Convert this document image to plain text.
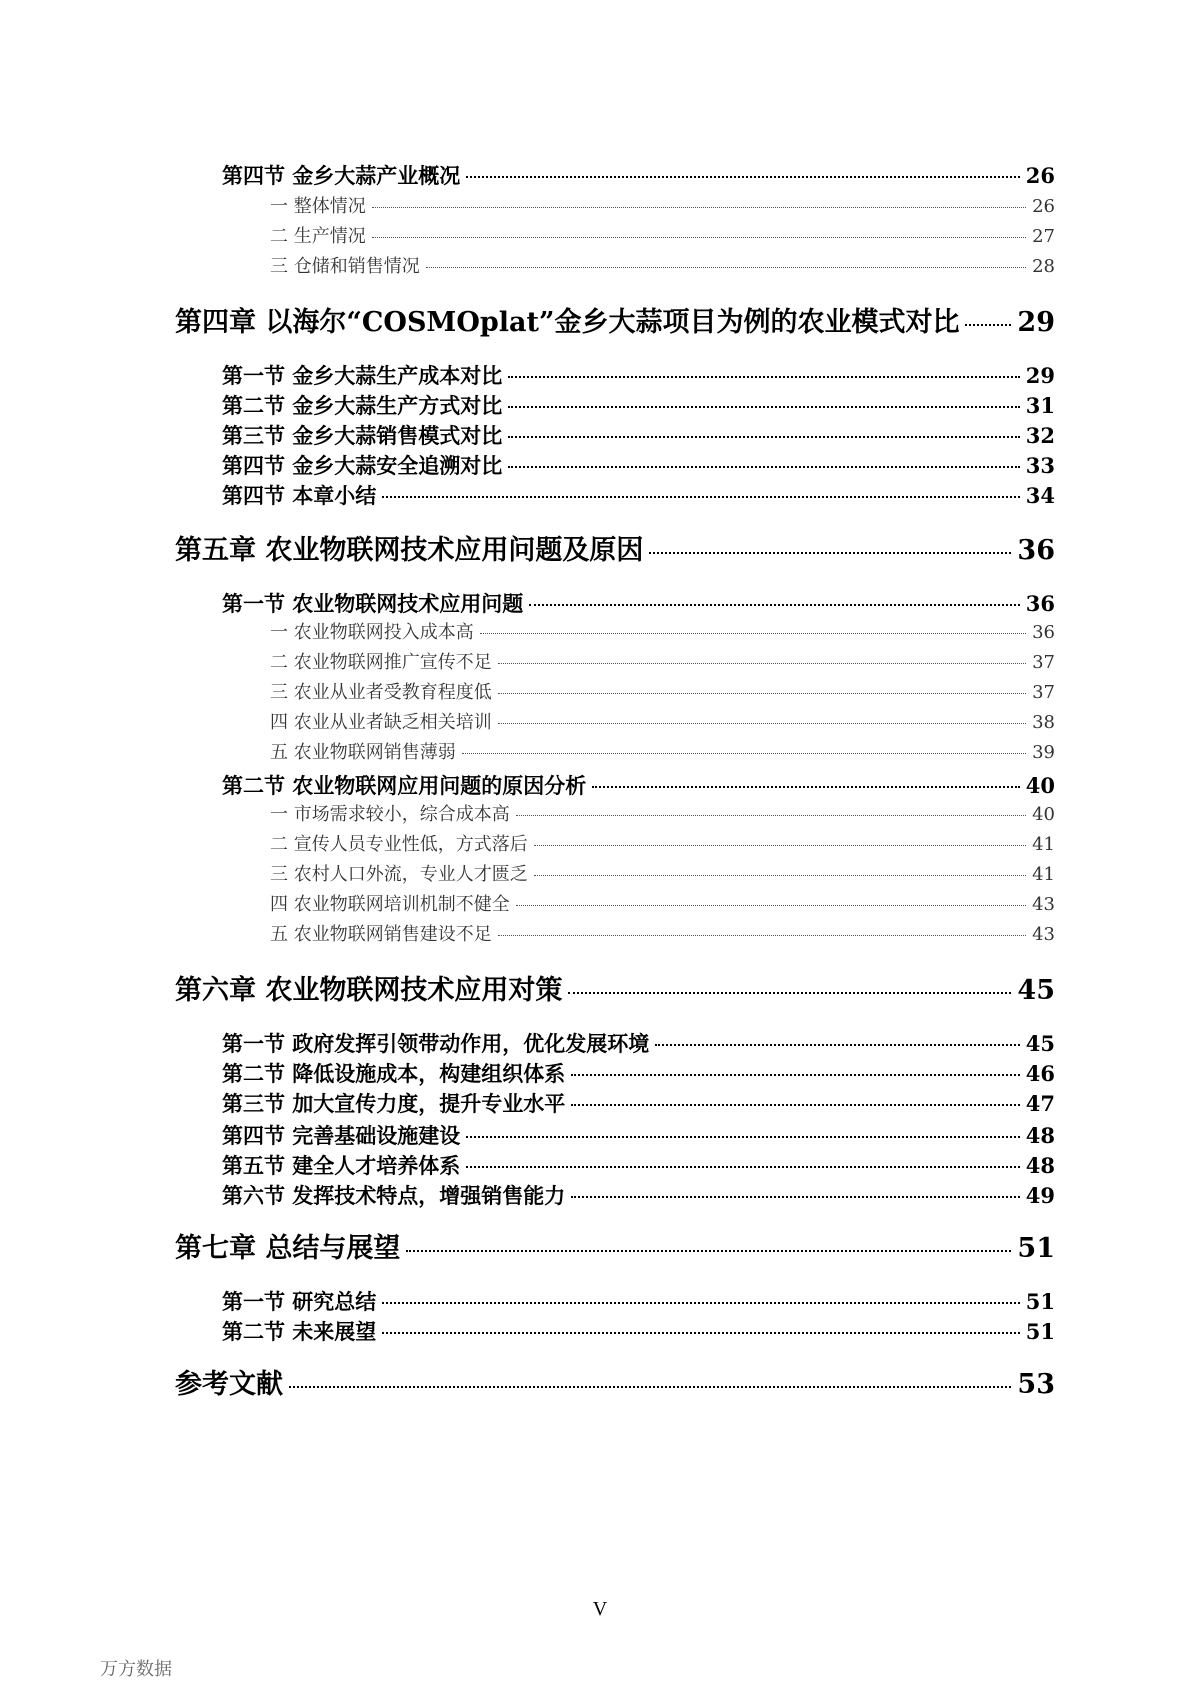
第四节 金乡大蒜产业概况	26
一 整体情况	26
二 生产情况	27
三 仓储和销售情况	28
第四章 以海尔“COSMOplat”金乡大蒜项目为例的农业模式对比 29
第一节 金乡大蒜生产成本对比	29
第二节 金乡大蒜生产方式对比	31
第三节 金乡大蒜销售模式对比	32
第四节 金乡大蒜安全追溯对比	33
第四节 本章小结	34
第五章 农业物联网技术应用问题及原因	36
第一节 农业物联网技术应用问题	36
一 农业物联网投入成本高	36
二 农业物联网推广宣传不足	37
三 农业从业者受教育程度低	37
四 农业从业者缺乏相关培训	38
五 农业物联网销售薄弱	39
第二节 农业物联网应用问题的原因分析	40
一 市场需求较小，综合成本高	40
二 宣传人员专业性低，方式落后	41
三 农村人口外流，专业人才匮乏	41
四 农业物联网培训机制不健全	43
五 农业物联网销售建设不足	43
第六章 农业物联网技术应用对策	45
第一节 政府发挥引领带动作用，优化发展环境	45
第二节 降低设施成本，构建组织体系	46
第三节 加大宣传力度，提升专业水平	47
第四节 完善基础设施建设	48
第五节 建全人才培养体系	48
第六节 发挥技术特点，增强销售能力	49
第七章 总结与展望	51
第一节 研究总结	51
第二节 未来展望	51
参考文献	53
V
万方数据
